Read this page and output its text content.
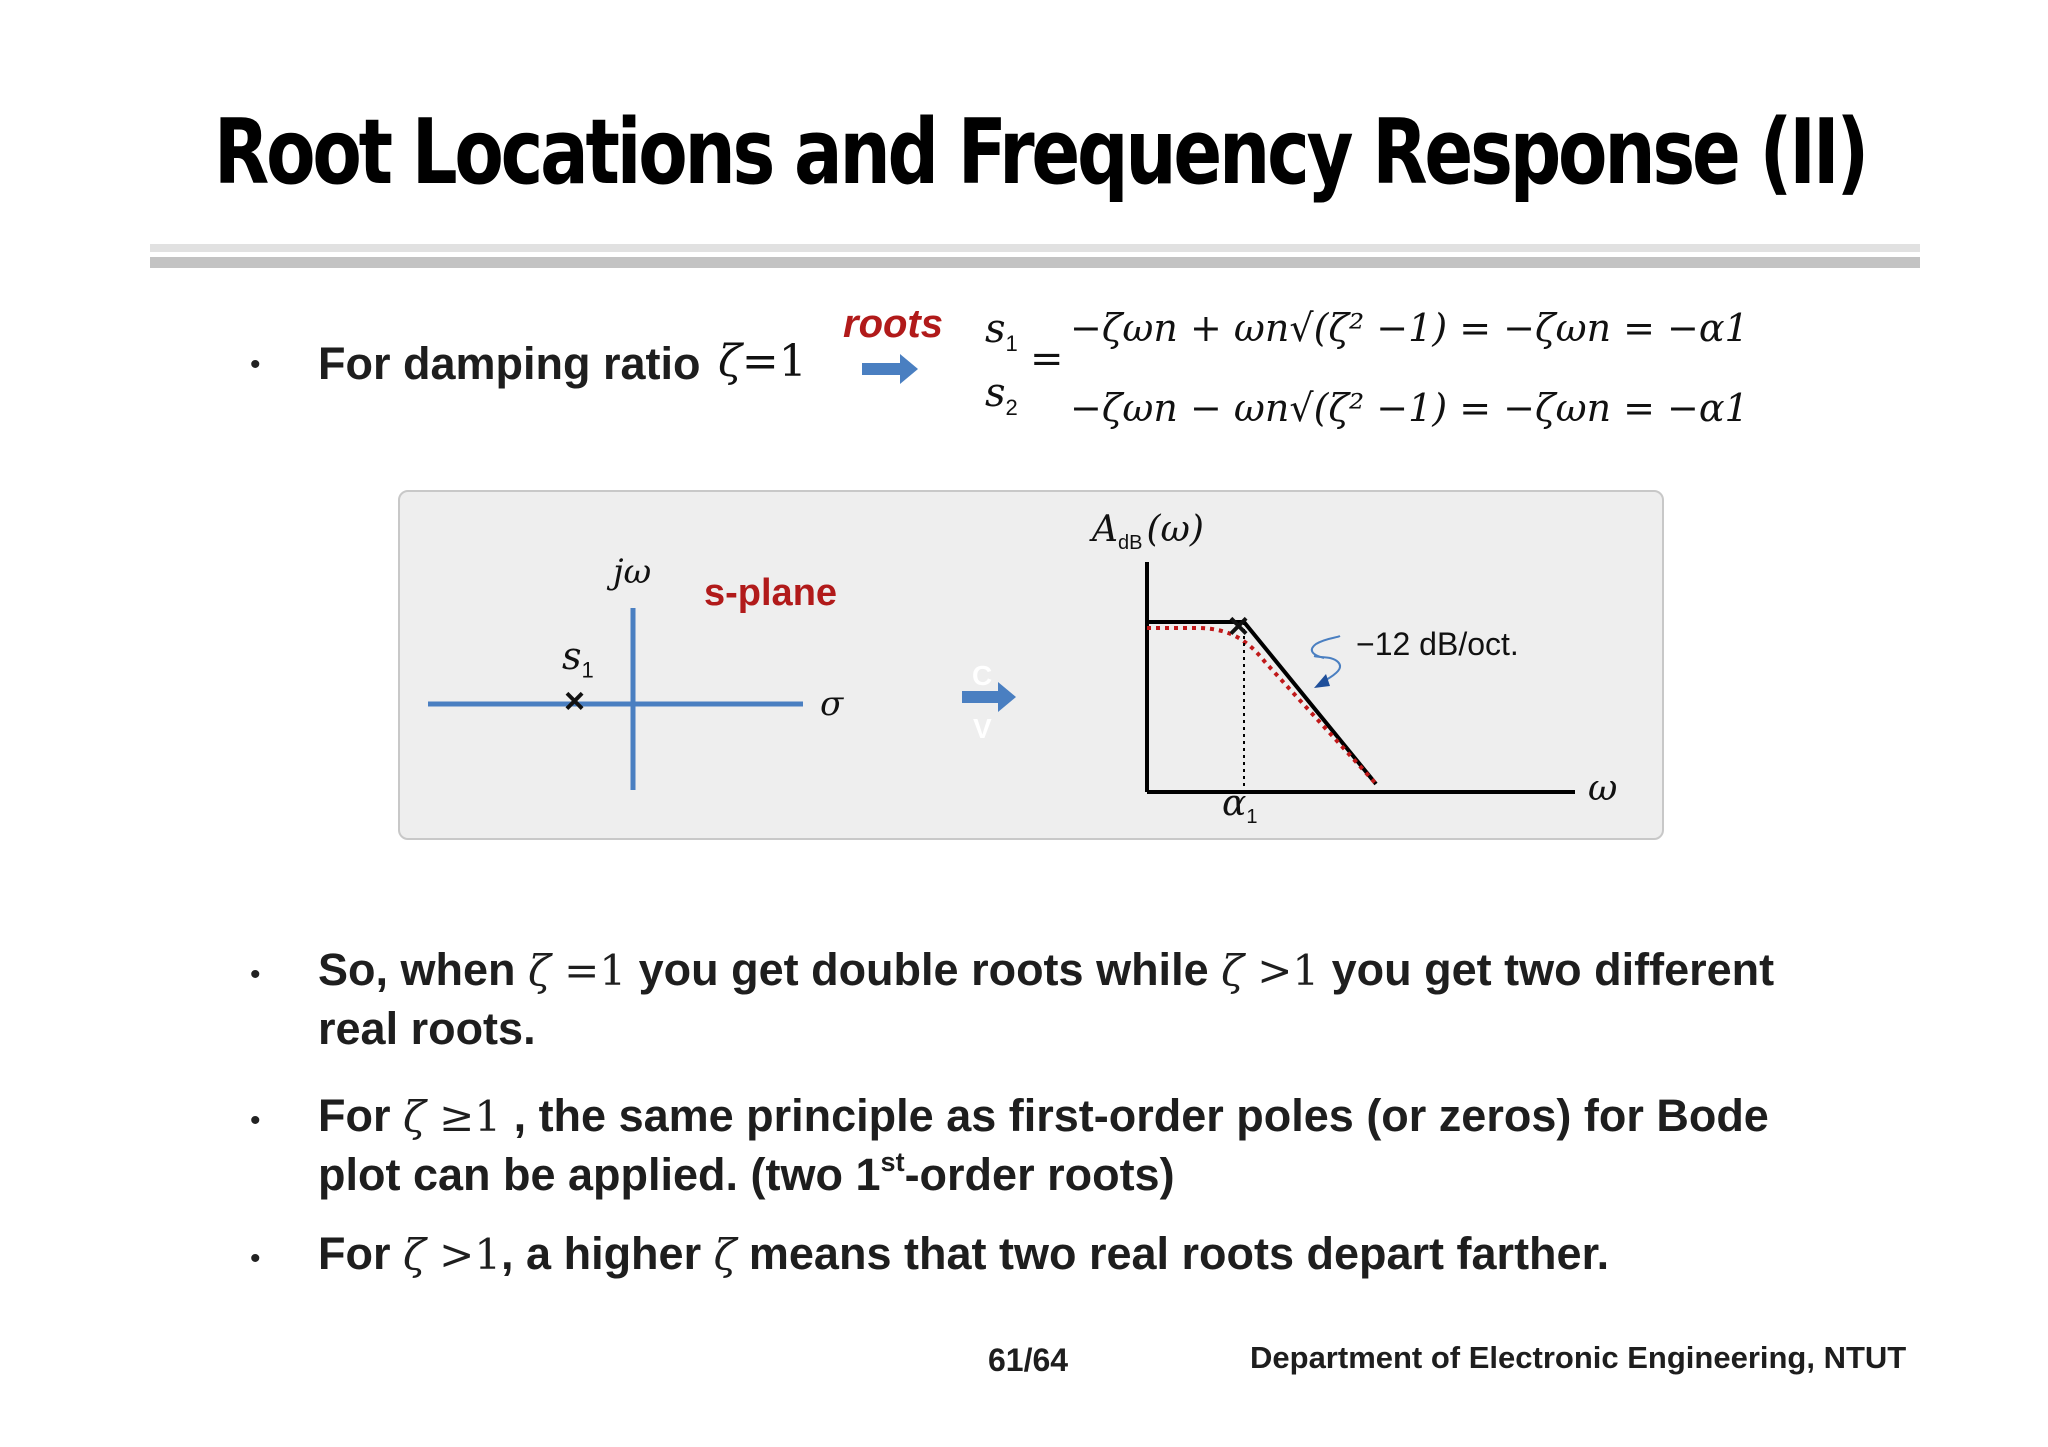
Root Locations and Frequency Response (II)
• For damping ratio ζ=1
roots $s_1$ =
$s_2$
−ζωn + ωn√(ζ² −1) = −ζωn = −α1
−ζωn − ωn√(ζ² −1) = −ζωn = −α1
jω
σ
s-plane
$s_1$
×
C
V
×
$A_{dB}$ (ω)
ω
$\alpha_1$
−12 dB/oct.
• So, when ζ =1 you get double roots while ζ >1 you get two different
real roots.
• For ζ ≥1 , the same principle as first-order poles (or zeros) for Bode
plot can be applied. (two 1st-order roots)
• For ζ >1, a higher ζ means that two real roots depart farther.
61/64	Department of Electronic Engineering, NTUT
